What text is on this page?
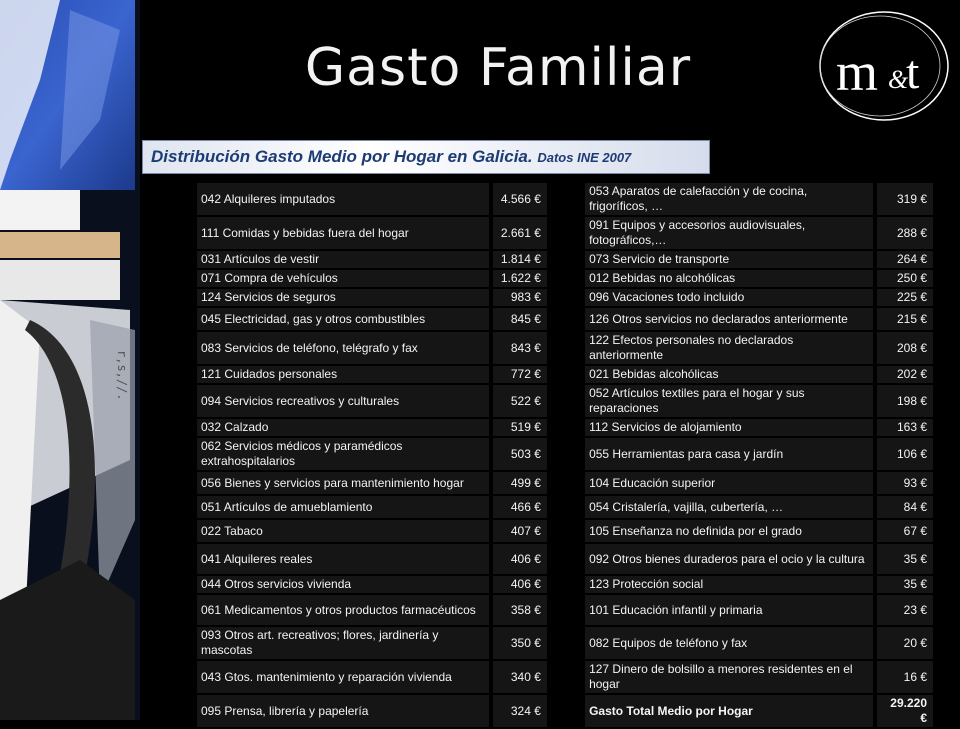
r,s,//.
Gasto Familiar	m &
t
Distribución Gasto Medio por Hogar en Galicia. Datos INE 2007
042 Alquileres imputados	4.566 €		053 Aparatos de calefacción y de cocina, frigoríficos, …	319 €
111 Comidas y bebidas fuera del hogar	2.661 €		091 Equipos y accesorios audiovisuales, fotográficos,…	288 €
031 Artículos de vestir	1.814 €		073 Servicio de transporte	264 €
071 Compra de vehículos	1.622 €		012 Bebidas no alcohólicas	250 €
124 Servicios de seguros	983 €		096 Vacaciones todo incluido	225 €
045 Electricidad, gas y otros combustibles	845 €		126 Otros servicios no declarados anteriormente	215 €
083 Servicios de teléfono, telégrafo y fax	843 €		122 Efectos personales no declarados anteriormente	208 €
121 Cuidados personales	772 €		021 Bebidas alcohólicas	202 €
094 Servicios recreativos y culturales	522 €		052 Artículos textiles para el hogar y sus reparaciones	198 €
032 Calzado	519 €		112 Servicios de alojamiento	163 €
062 Servicios médicos y paramédicos extrahospitalarios	503 €		055 Herramientas para casa y jardín	106 €
056 Bienes y servicios para mantenimiento hogar	499 €		104 Educación superior	93 €
051 Artículos de amueblamiento	466 €		054 Cristalería, vajilla, cubertería, …	84 €
022 Tabaco	407 €		105 Enseñanza no definida por el grado	67 €
041 Alquileres reales	406 €		092 Otros bienes duraderos para el ocio y la cultura	35 €
044 Otros servicios vivienda	406 €		123 Protección social	35 €
061 Medicamentos y otros productos farmacéuticos	358 €		101 Educación infantil y primaria	23 €
093 Otros art. recreativos; flores, jardinería y mascotas	350 €		082 Equipos de teléfono y fax	20 €
043 Gtos. mantenimiento y reparación vivienda	340 €		127 Dinero de bolsillo a menores residentes en el hogar	16 €
095 Prensa, librería y papelería	324 €		Gasto Total Medio por Hogar	29.220 €
